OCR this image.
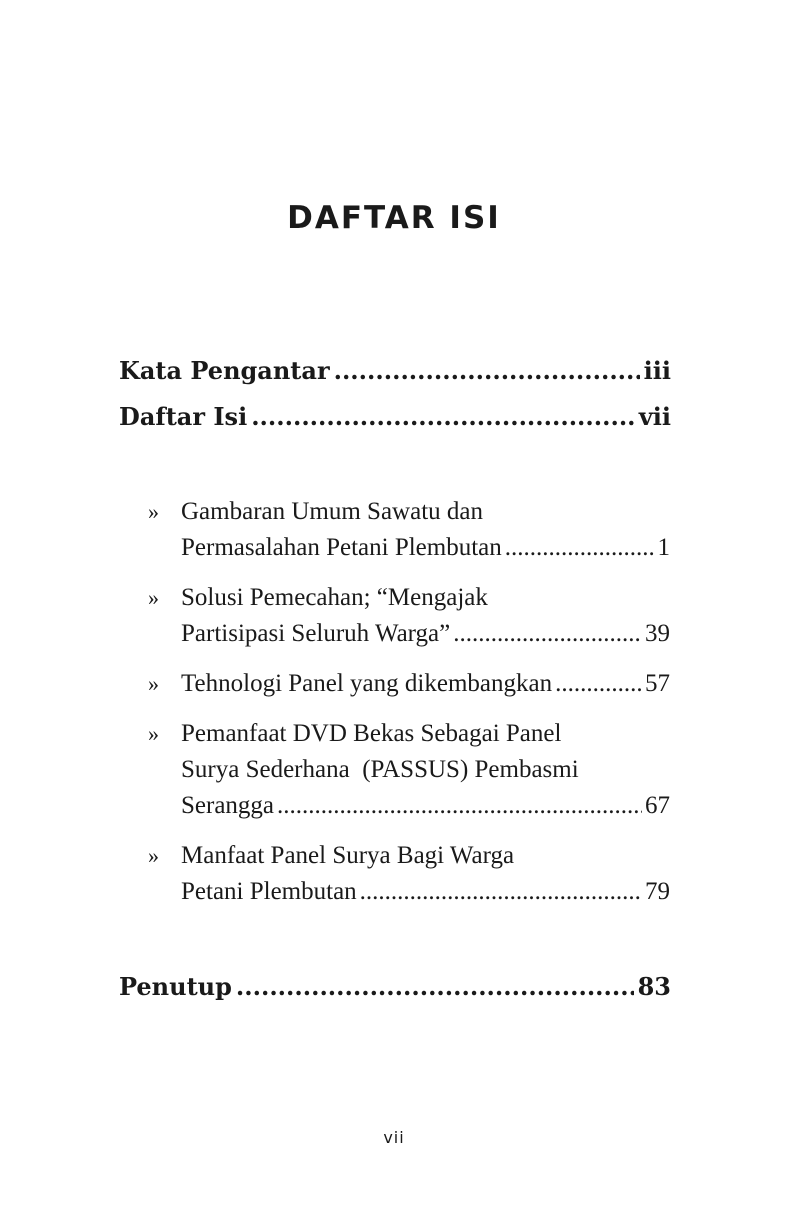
DAFTAR ISI
Kata Pengantar .....	iii
Daftar Isi .....	vii
» Gambaran Umum Sawatu dan
Permasalahan Petani Plembutan .....	1
» Solusi Pemecahan; “Mengajak
Partisipasi Seluruh Warga” .....	39
» Tehnologi Panel yang dikembangkan .....	57
» Pemanfaat DVD Bekas Sebagai Panel
Surya Sederhana  (PASSUS) Pembasmi
Serangga .....	67
» Manfaat Panel Surya Bagi Warga
Petani Plembutan .....	79
Penutup .....	83
vii
